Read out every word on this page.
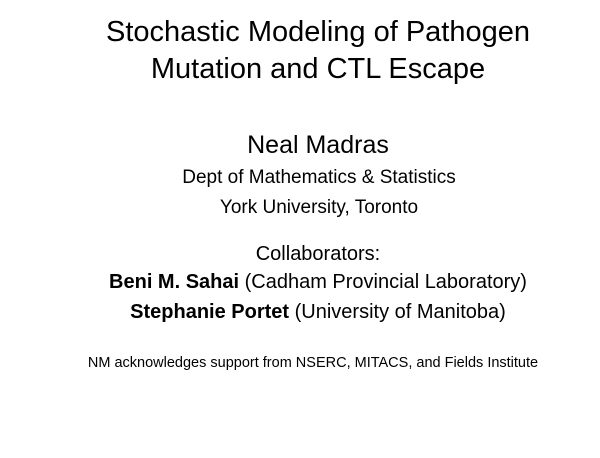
Stochastic Modeling of Pathogen
Mutation and CTL Escape
Neal Madras
Dept of Mathematics & Statistics
York University, Toronto
Collaborators:
Beni M. Sahai (Cadham Provincial Laboratory)
Stephanie Portet (University of Manitoba)
NM acknowledges support from NSERC, MITACS, and Fields Institute
